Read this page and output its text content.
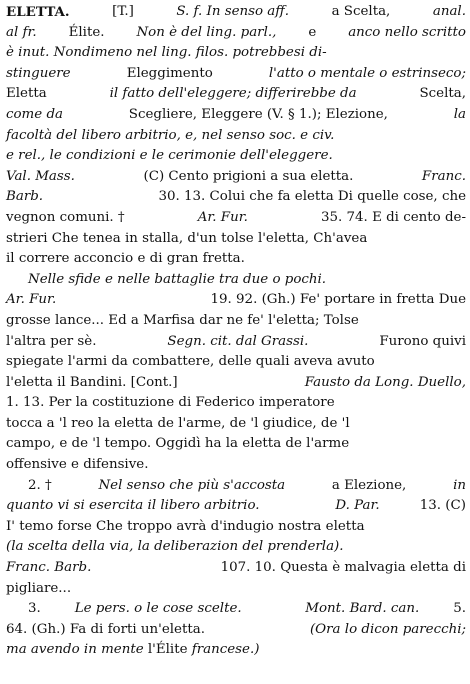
ELETTA.	[T.]	S. f. In senso aff.	a Scelta,	anal.
al fr. Élite. Non è del ling. parl., e anco nello scritto
è inut. Nondimeno nel ling. filos. potrebbesi di-
stinguere	Eleggimento	l'atto o mentale o estrinseco;
Eletta	il fatto dell'eleggere; differirebbe da	Scelta,
come da	Scegliere, Eleggere (V. § 1.); Elezione,	la
facoltà del libero arbitrio, e, nel senso soc. e civ.
e rel., le condizioni e le cerimonie dell'eleggere.
Val. Mass.	(C) Cento prigioni a sua eletta.	Franc.
Barb.	30. 13. Colui che fa eletta Di quelle cose, che
vegnon comuni. †	Ar. Fur.	35. 74. E di cento de-
strieri Che tenea in stalla, d'un tolse l'eletta, Ch'avea
il correre acconcio e di gran fretta.
Nelle sfide e nelle battaglie tra due o pochi.
Ar. Fur.	19. 92. (Gh.) Fe' portare in fretta Due
grosse lance... Ed a Marfisa dar ne fe' l'eletta; Tolse
l'altra per sè.	Segn. cit. dal Grassi.	Furono quivi
spiegate l'armi da combattere, delle quali aveva avuto
l'eletta il Bandini. [Cont.]	Fausto da Long. Duello,
1. 13. Per la costituzione di Federico imperatore
tocca a 'l reo la eletta de l'arme, de 'l giudice, de 'l
campo, e de 'l tempo. Oggidì ha la eletta de l'arme
offensive e difensive.
2. †	Nel senso che più s'accosta	a Elezione,	in
quanto vi si esercita il libero arbitrio.
	D. Par.	13. (C)
I' temo forse Che troppo avrà d'indugio nostra eletta
(la scelta della via, la deliberazion del prenderla).
Franc. Barb.	107. 10. Questa è malvagia eletta di
pigliare...
3. Le pers. o le cose scelte.
	Mont. Bard. can. 5.
64. (Gh.) Fa di forti un'eletta.	(Ora lo dicon parecchi;
ma avendo in mente l'Élite francese.)
